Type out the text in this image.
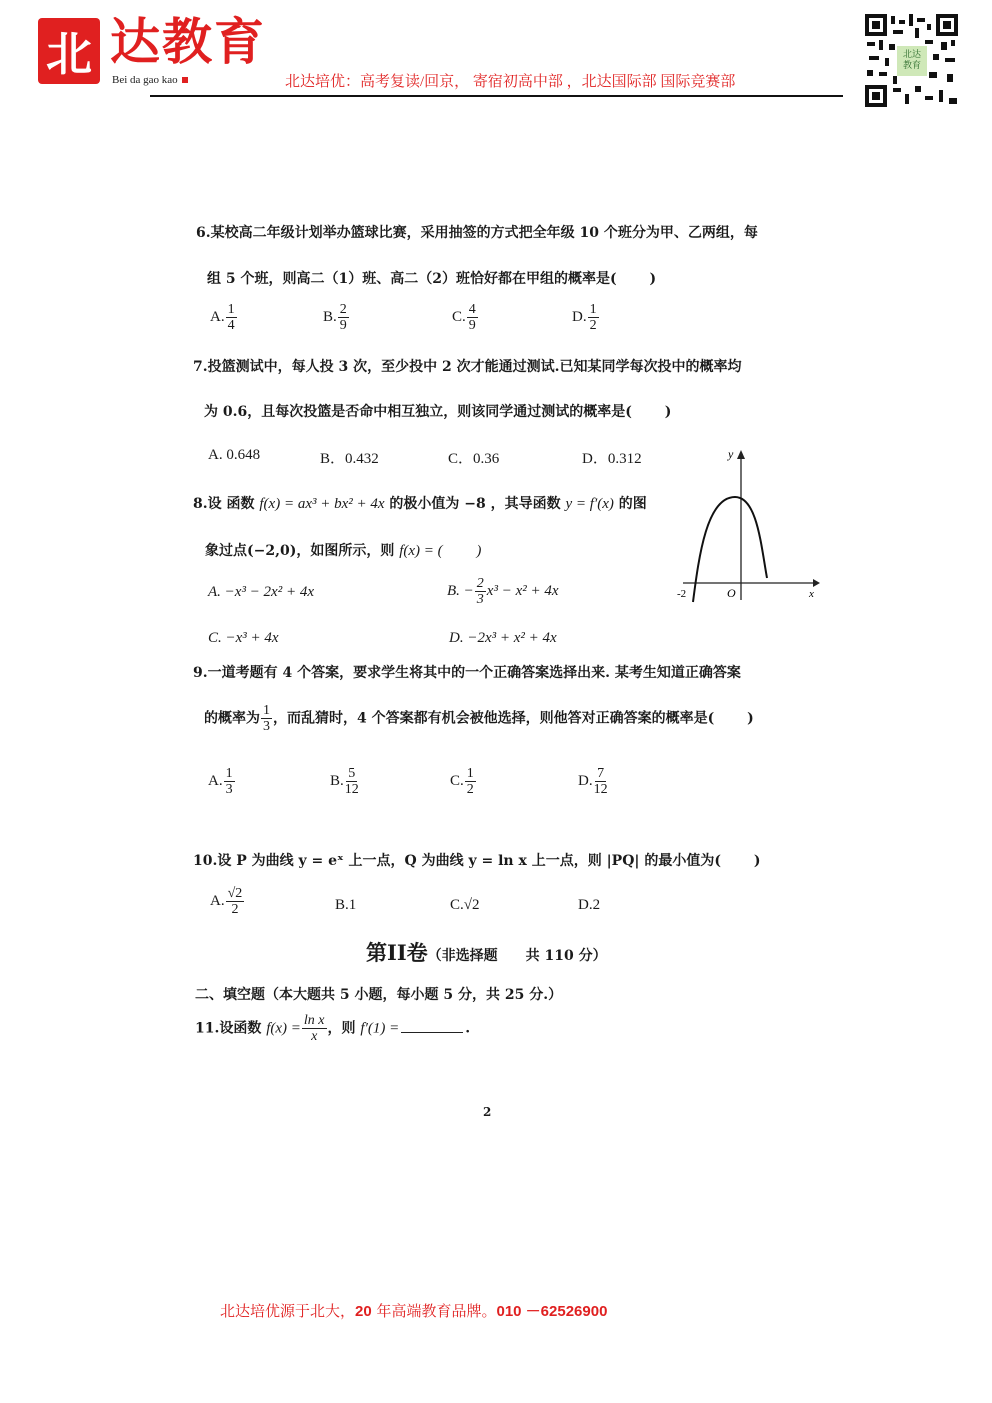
北 达教育
Bei da gao kao	北达培优：高考复读/回京， 寄宿初高中部 ，北达国际部 国际竞赛部
北达教育
6.某校高二年级计划举办篮球比赛，采用抽签的方式把全年级 10 个班分为甲、乙两组，每
组 5 个班，则高二（1）班、高二（2）班恰好都在甲组的概率是(　　 )
A. $\frac{1}{4}$	B. $\frac{2}{9}$	C. $\frac{4}{9}$	D. $\frac{1}{2}$
7.投篮测试中，每人投 3 次，至少投中 2 次才能通过测试.已知某同学每次投中的概率均
为 0.6，且每次投篮是否命中相互独立，则该同学通过测试的概率是(　　 )
A. 0.648	B．0.432	C．0.36	D．0.312
8.设 函数 f(x) = ax³ + bx² + 4x 的极小值为 −8 ，其导函数 y = f′(x) 的图
象过点(−2,0)，如图所示，则 f(x) = (　　 )
A. −x³ − 2x² + 4x	B. − $\frac{2}{3} x^3 - x^2 + 4x$
C. −x³ + 4x	D. −2x³ + x² + 4x
y
x
O
-2
9.一道考题有 4 个答案，要求学生将其中的一个正确答案选择出来. 某考生知道正确答案
的概率为 $\frac{1}{3}$ ，而乱猜时，4 个答案都有机会被他选择，则他答对正确答案的概率是(　　 )
A. $\frac{1}{3}$	B. $\frac{5}{12}$	C. $\frac{1}{2}$	D. $\frac{7}{12}$
10.设 P 为曲线 y = eˣ 上一点，Q 为曲线 y = ln x 上一点，则 |PQ| 的最小值为(　　 )
A. $\frac{√2}{2}$	B.1	C.√2	D.2
第II卷（非选择题　　共 110 分）
二、填空题（本大题共 5 小题，每小题 5 分，共 25 分.）
11.设函数 $f(x) = \frac{\text{ln x}}{x}$ ，则 f′(1) =	.
2
北达培优源于北大，20 年高端教育品牌。010 －62526900
